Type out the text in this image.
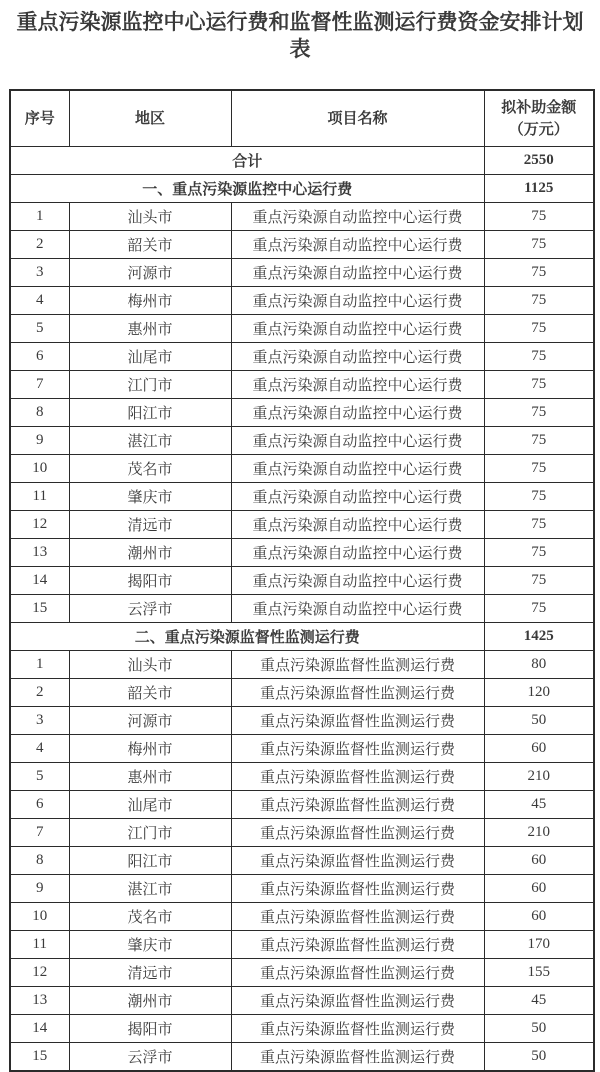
重点污染源监控中心运行费和监督性监测运行费资金安排计划表
序号	地区	项目名称	拟补助金额
（万元）

合计			2550
一、重点污染源监控中心运行费			1125
1	汕头市	重点污染源自动监控中心运行费	75
2	韶关市	重点污染源自动监控中心运行费	75
3	河源市	重点污染源自动监控中心运行费	75
4	梅州市	重点污染源自动监控中心运行费	75
5	惠州市	重点污染源自动监控中心运行费	75
6	汕尾市	重点污染源自动监控中心运行费	75
7	江门市	重点污染源自动监控中心运行费	75
8	阳江市	重点污染源自动监控中心运行费	75
9	湛江市	重点污染源自动监控中心运行费	75
10	茂名市	重点污染源自动监控中心运行费	75
11	肇庆市	重点污染源自动监控中心运行费	75
12	清远市	重点污染源自动监控中心运行费	75
13	潮州市	重点污染源自动监控中心运行费	75
14	揭阳市	重点污染源自动监控中心运行费	75
15	云浮市	重点污染源自动监控中心运行费	75
二、重点污染源监督性监测运行费			1425
1	汕头市	重点污染源监督性监测运行费	80
2	韶关市	重点污染源监督性监测运行费	120
3	河源市	重点污染源监督性监测运行费	50
4	梅州市	重点污染源监督性监测运行费	60
5	惠州市	重点污染源监督性监测运行费	210
6	汕尾市	重点污染源监督性监测运行费	45
7	江门市	重点污染源监督性监测运行费	210
8	阳江市	重点污染源监督性监测运行费	60
9	湛江市	重点污染源监督性监测运行费	60
10	茂名市	重点污染源监督性监测运行费	60
11	肇庆市	重点污染源监督性监测运行费	170
12	清远市	重点污染源监督性监测运行费	155
13	潮州市	重点污染源监督性监测运行费	45
14	揭阳市	重点污染源监督性监测运行费	50
15	云浮市	重点污染源监督性监测运行费	50
